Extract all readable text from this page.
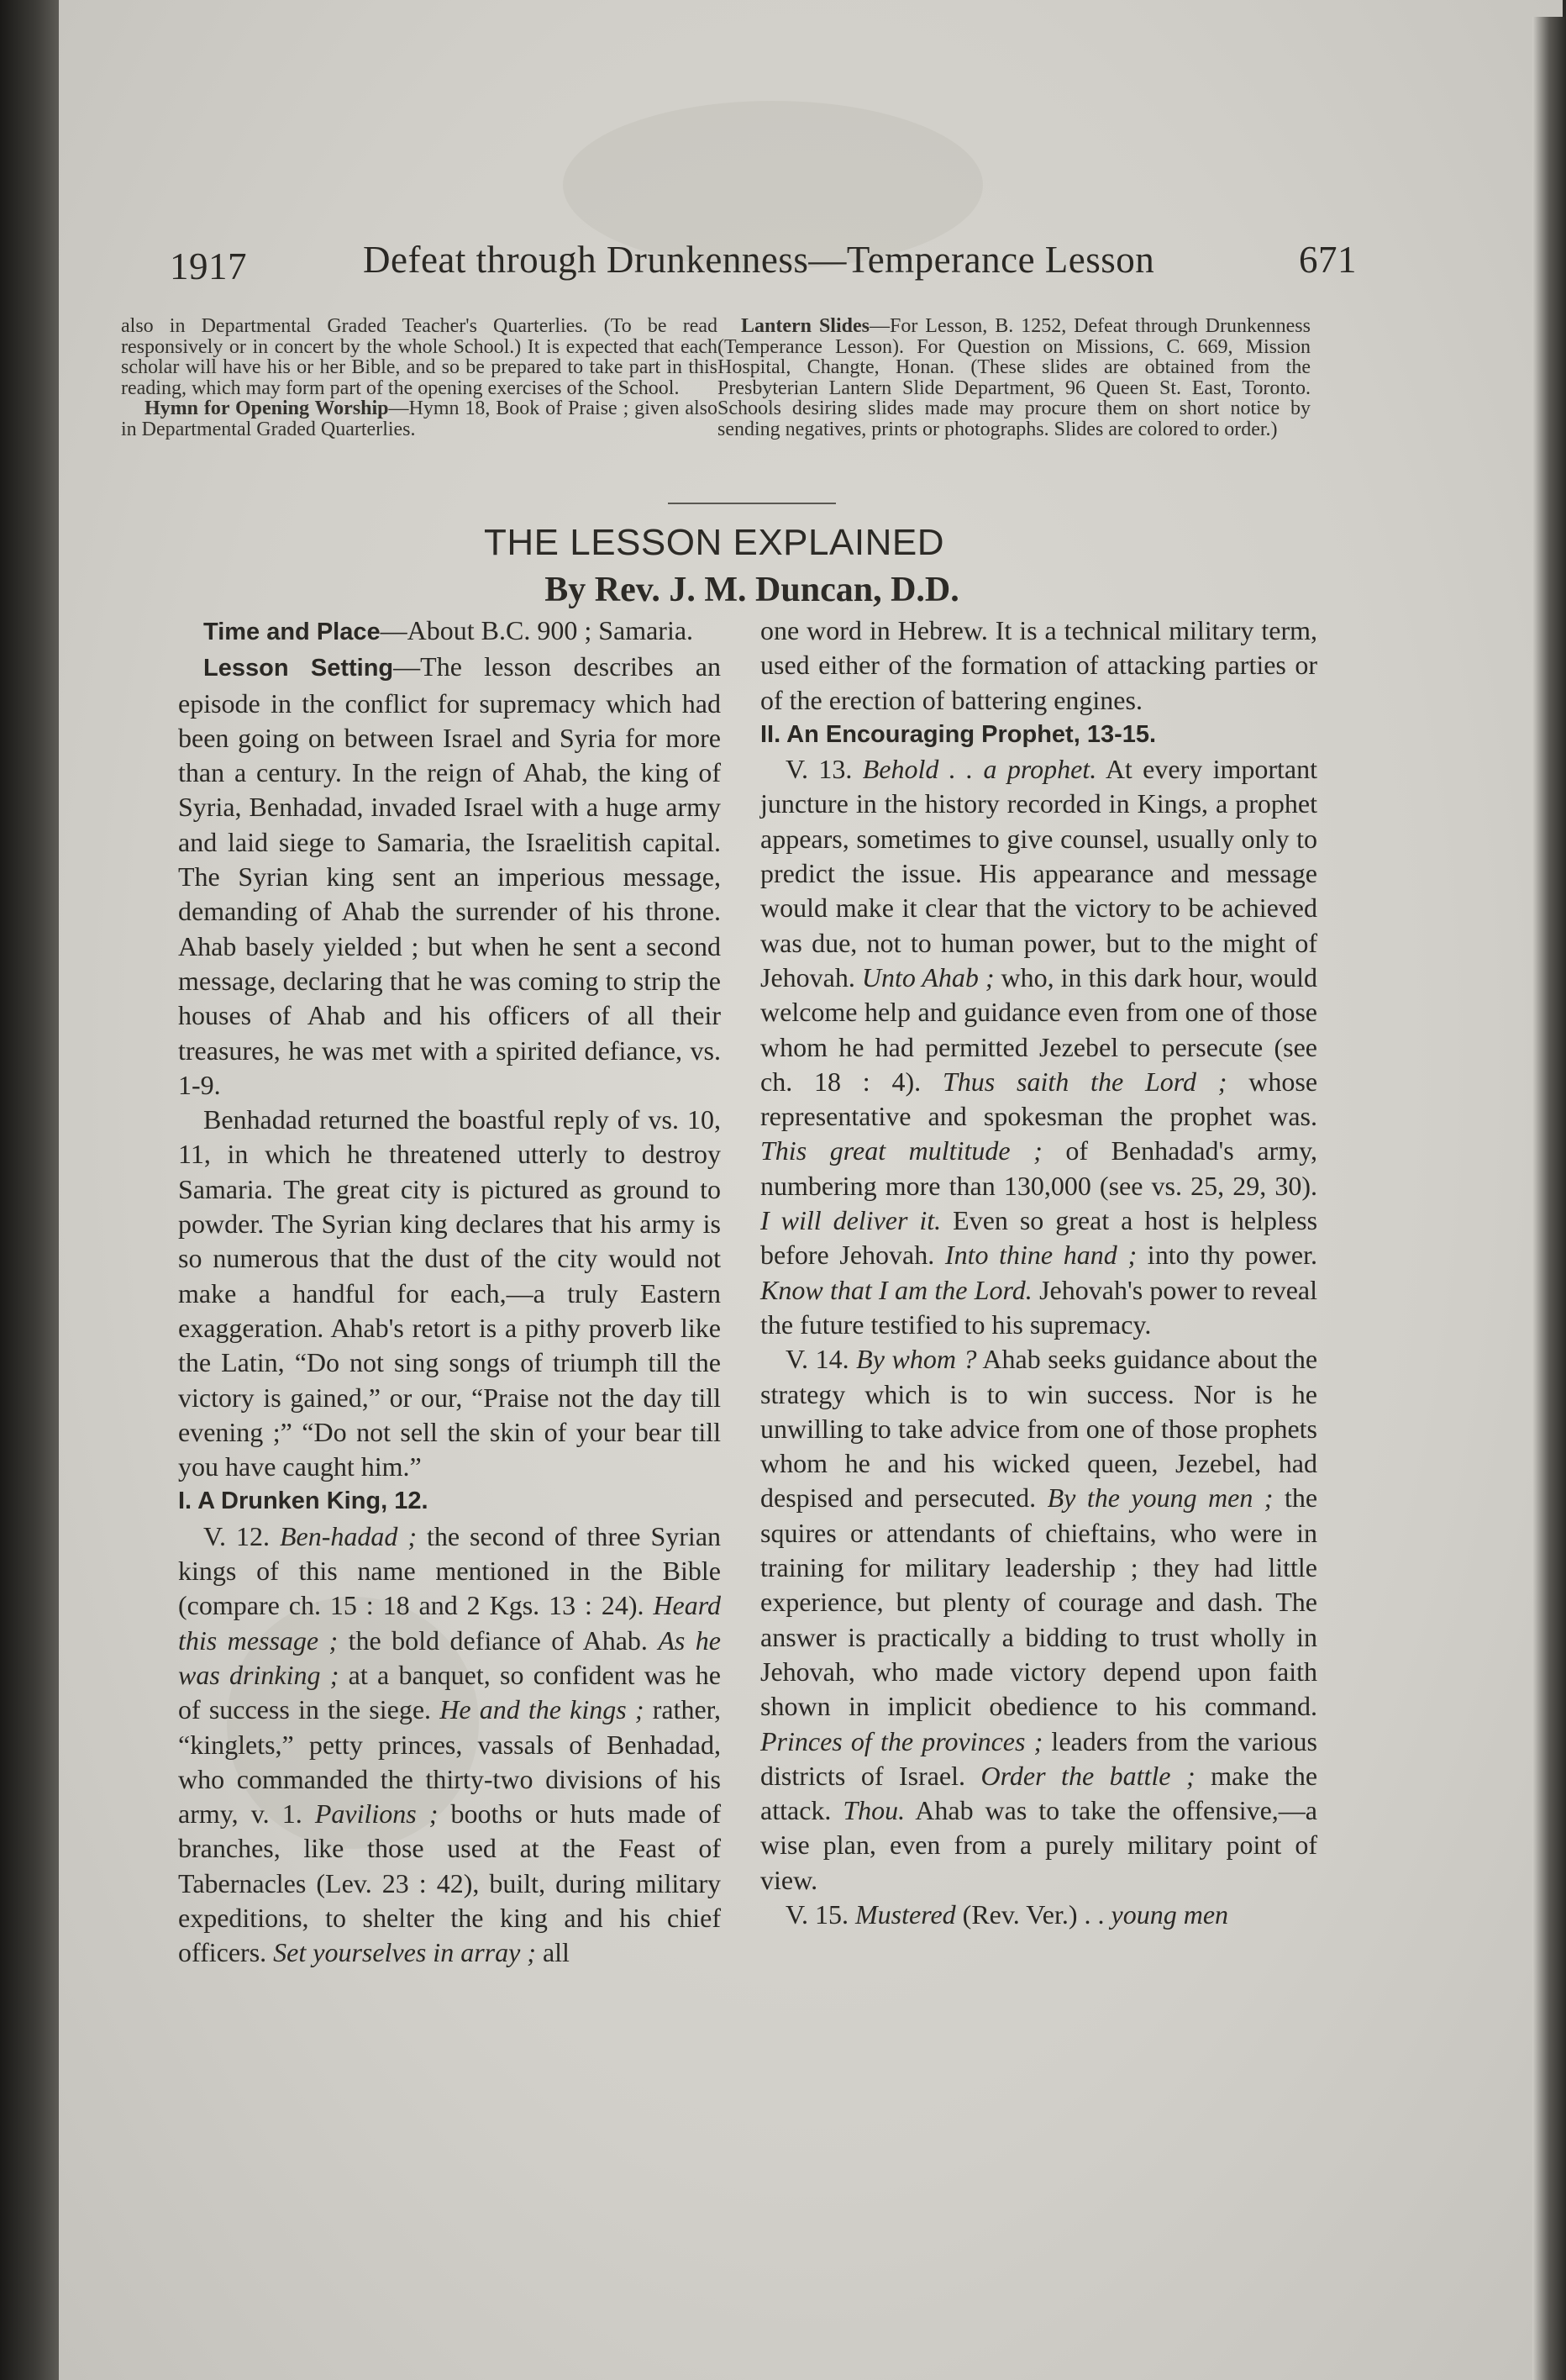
1917	Defeat through Drunkenness—Temperance Lesson	671

also in Departmental Graded Teacher's Quarterlies. (To be read responsively or in concert by the whole School.) It is expected that each scholar will have his or her Bible, and so be prepared to take part in this reading, which may form part of the opening exercises of the School.

Hymn for Opening Worship—Hymn 18, Book of Praise ; given also in Departmental Graded Quarterlies.

Lantern Slides—For Lesson, B. 1252, Defeat through Drunkenness (Temperance Lesson). For Question on Missions, C. 669, Mission Hospital, Changte, Honan. (These slides are obtained from the Presbyterian Lantern Slide Department, 96 Queen St. East, Toronto. Schools desiring slides made may procure them on short notice by sending negatives, prints or photographs. Slides are colored to order.)

THE LESSON EXPLAINED
By Rev. J. M. Duncan, D.D.

Time and Place—About B.C. 900 ; Samaria.

Lesson Setting—The lesson describes an episode in the conflict for supremacy which had been going on between Israel and Syria for more than a century. In the reign of Ahab, the king of Syria, Benhadad, invaded Israel with a huge army and laid siege to Samaria, the Israelitish capital. The Syrian king sent an imperious message, demanding of Ahab the surrender of his throne. Ahab basely yielded ; but when he sent a second message, declaring that he was coming to strip the houses of Ahab and his officers of all their treasures, he was met with a spirited defiance, vs. 1-9.

Benhadad returned the boastful reply of vs. 10, 11, in which he threatened utterly to destroy Samaria. The great city is pictured as ground to powder. The Syrian king declares that his army is so numerous that the dust of the city would not make a handful for each,—a truly Eastern exaggeration. Ahab's retort is a pithy proverb like the Latin, “Do not sing songs of triumph till the victory is gained,” or our, “Praise not the day till evening ;” “Do not sell the skin of your bear till you have caught him.”

I. A Drunken King, 12.

V. 12. Ben-hadad ; the second of three Syrian kings of this name mentioned in the Bible (compare ch. 15 : 18 and 2 Kgs. 13 : 24). Heard this message ; the bold defiance of Ahab. As he was drinking ; at a banquet, so confident was he of success in the siege. He and the kings ; rather, “kinglets,” petty princes, vassals of Benhadad, who commanded the thirty-two divisions of his army, v. 1. Pavilions ; booths or huts made of branches, like those used at the Feast of Tabernacles (Lev. 23 : 42), built, during military expeditions, to shelter the king and his chief officers. Set yourselves in array ; all

one word in Hebrew. It is a technical military term, used either of the formation of attacking parties or of the erection of battering engines.

II. An Encouraging Prophet, 13-15.

V. 13. Behold . . a prophet. At every important juncture in the history recorded in Kings, a prophet appears, sometimes to give counsel, usually only to predict the issue. His appearance and message would make it clear that the victory to be achieved was due, not to human power, but to the might of Jehovah. Unto Ahab ; who, in this dark hour, would welcome help and guidance even from one of those whom he had permitted Jezebel to persecute (see ch. 18 : 4). Thus saith the Lord ; whose representative and spokesman the prophet was. This great multitude ; of Benhadad's army, numbering more than 130,000 (see vs. 25, 29, 30). I will deliver it. Even so great a host is helpless before Jehovah. Into thine hand ; into thy power. Know that I am the Lord. Jehovah's power to reveal the future testified to his supremacy.

V. 14. By whom ? Ahab seeks guidance about the strategy which is to win success. Nor is he unwilling to take advice from one of those prophets whom he and his wicked queen, Jezebel, had despised and persecuted. By the young men ; the squires or attendants of chieftains, who were in training for military leadership ; they had little experience, but plenty of courage and dash. The answer is practically a bidding to trust wholly in Jehovah, who made victory depend upon faith shown in implicit obedience to his command. Princes of the provinces ; leaders from the various districts of Israel. Order the battle ; make the attack. Thou. Ahab was to take the offensive,—a wise plan, even from a purely military point of view.

V. 15. Mustered (Rev. Ver.) . . young men
